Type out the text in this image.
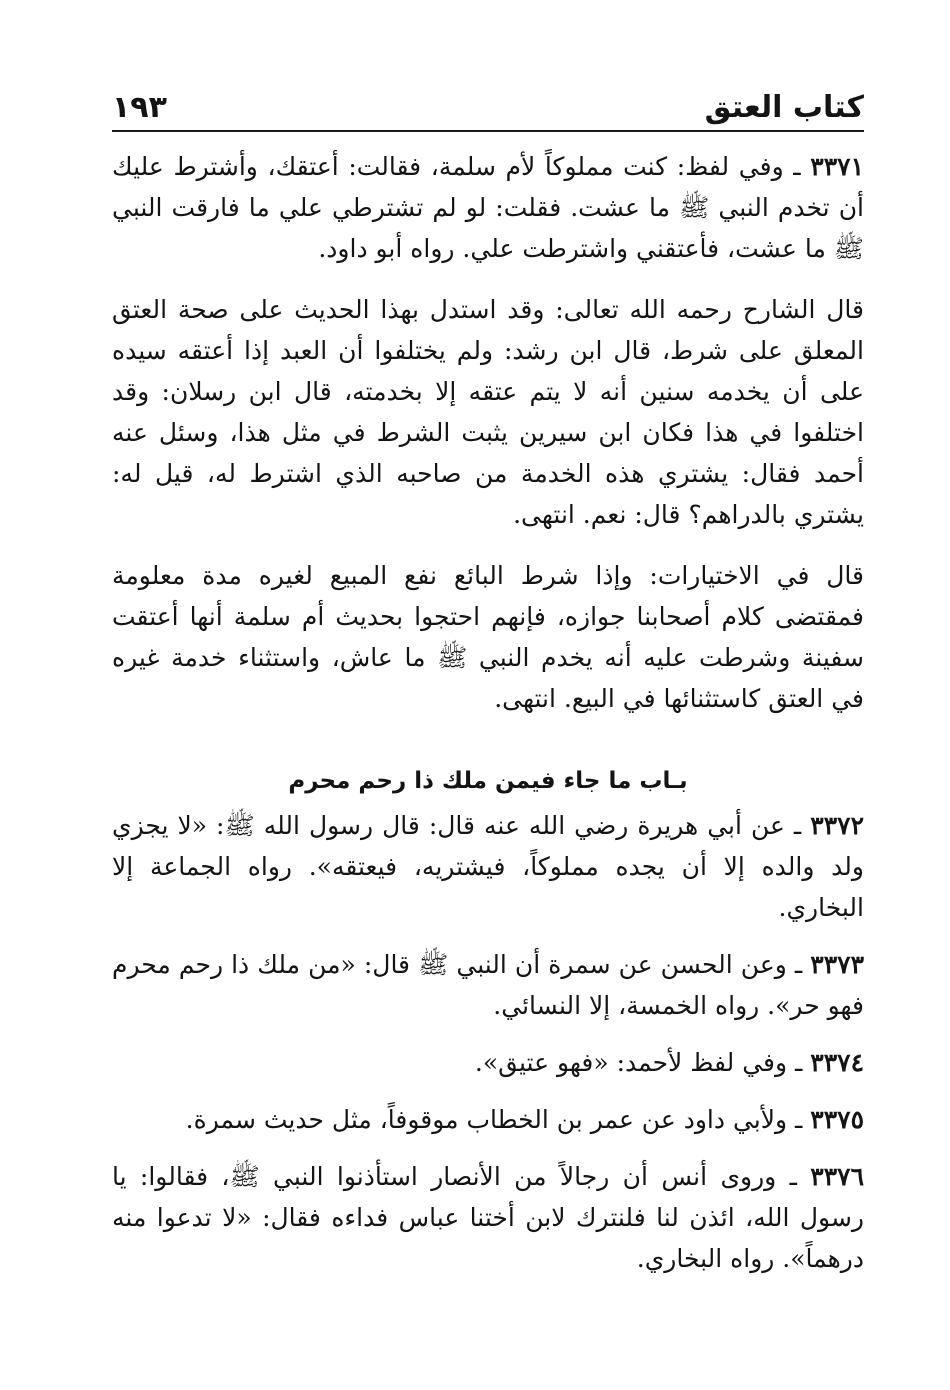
كتاب العتق
١٩٣

٣٣٧١ ـ وفي لفظ: كنت مملوكاً لأم سلمة، فقالت: أعتقك، وأشترط عليك أن تخدم النبي ﷺ ما عشت. فقلت: لو لم تشترطي علي ما فارقت النبي ﷺ ما عشت، فأعتقني واشترطت علي. رواه أبو داود.

قال الشارح رحمه الله تعالى: وقد استدل بهذا الحديث على صحة العتق المعلق على شرط، قال ابن رشد: ولم يختلفوا أن العبد إذا أعتقه سيده على أن يخدمه سنين أنه لا يتم عتقه إلا بخدمته، قال ابن رسلان: وقد اختلفوا في هذا فكان ابن سيرين يثبت الشرط في مثل هذا، وسئل عنه أحمد فقال: يشتري هذه الخدمة من صاحبه الذي اشترط له، قيل له: يشتري بالدراهم؟ قال: نعم. انتهى.

قال في الاختيارات: وإذا شرط البائع نفع المبيع لغيره مدة معلومة فمقتضى كلام أصحابنا جوازه، فإنهم احتجوا بحديث أم سلمة أنها أعتقت سفينة وشرطت عليه أنه يخدم النبي ﷺ ما عاش، واستثناء خدمة غيره في العتق كاستثنائها في البيع. انتهى.

بـاب ما جاء فيمن ملك ذا رحم محرم

٣٣٧٢ ـ عن أبي هريرة رضي الله عنه قال: قال رسول الله ﷺ: «لا يجزي ولد والده إلا أن يجده مملوكاً، فيشتريه، فيعتقه». رواه الجماعة إلا البخاري.

٣٣٧٣ ـ وعن الحسن عن سمرة أن النبي ﷺ قال: «من ملك ذا رحم محرم فهو حر». رواه الخمسة، إلا النسائي.

٣٣٧٤ ـ وفي لفظ لأحمد: «فهو عتيق».

٣٣٧٥ ـ ولأبي داود عن عمر بن الخطاب موقوفاً، مثل حديث سمرة.

٣٣٧٦ ـ وروى أنس أن رجالاً من الأنصار استأذنوا النبي ﷺ، فقالوا: يا رسول الله، ائذن لنا فلنترك لابن أختنا عباس فداءه فقال: «لا تدعوا منه درهماً». رواه البخاري.
